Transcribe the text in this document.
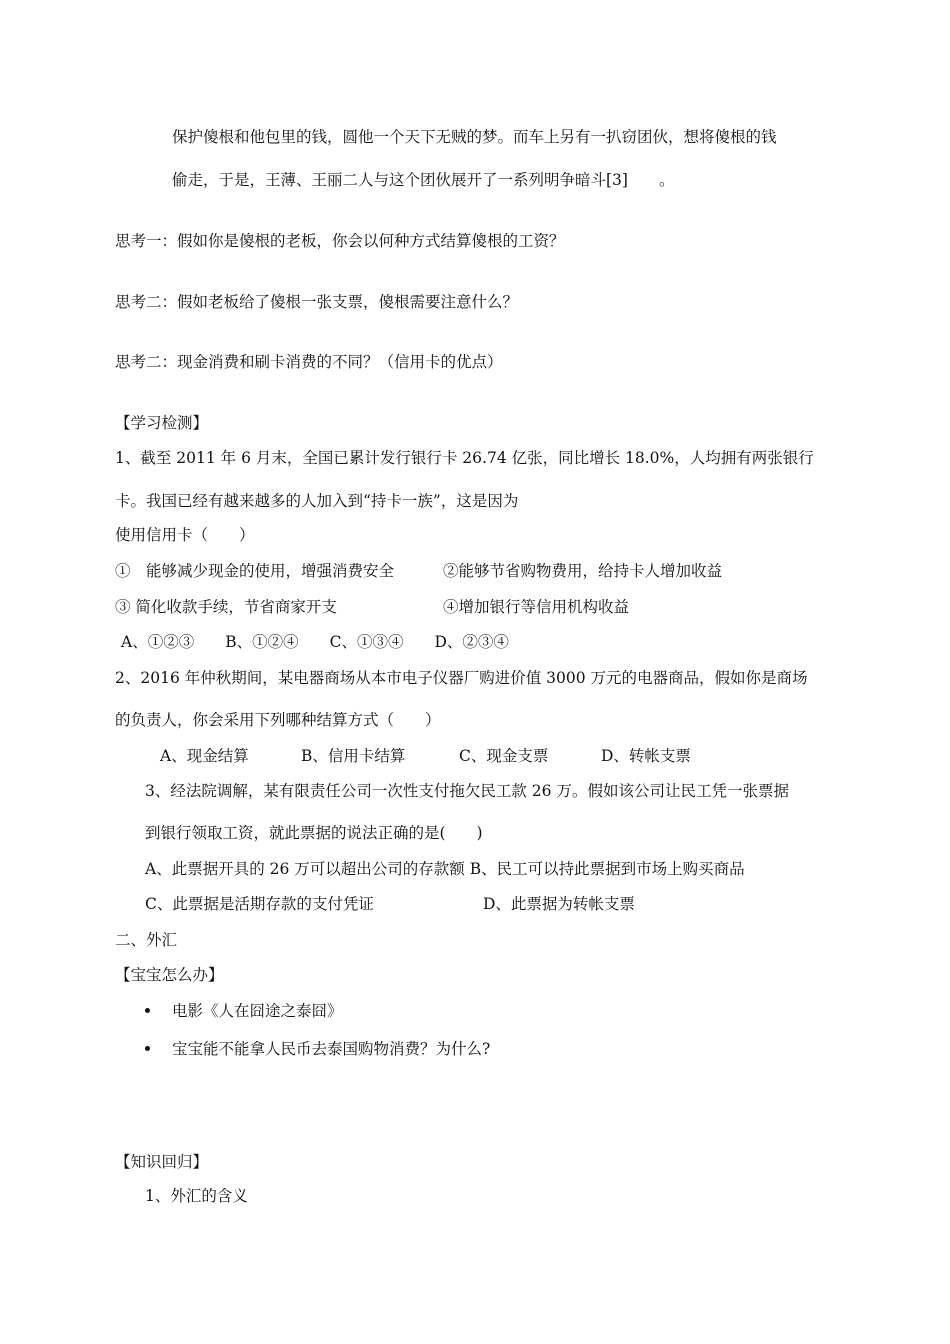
保护傻根和他包里的钱，圆他一个天下无贼的梦。而车上另有一扒窃团伙，想将傻根的钱
偷走，于是，王薄、王丽二人与这个团伙展开了一系列明争暗斗[3]　　。
思考一：假如你是傻根的老板，你会以何种方式结算傻根的工资？
思考二：假如老板给了傻根一张支票，傻根需要注意什么？
思考二：现金消费和刷卡消费的不同？（信用卡的优点）
【学习检测】
1、截至 2011 年 6 月末，全国已累计发行银行卡 26.74 亿张，同比增长 18.0%，人均拥有两张银行
卡。我国已经有越来越多的人加入到“持卡一族”，这是因为
使用信用卡（　　）
①　能够减少现金的使用，增强消费安全	②能够节省购物费用，给持卡人增加收益
③ 简化收款手续，节省商家开支	④增加银行等信用机构收益
A、①②③　　B、①②④　　C、①③④　　D、②③④
2、2016 年仲秋期间，某电器商场从本市电子仪器厂购进价值 3000 万元的电器商品，假如你是商场
的负责人，你会采用下列哪种结算方式（　　）
A、现金结算	B、信用卡结算	C、现金支票	D、转帐支票
3、经法院调解，某有限责任公司一次性支付拖欠民工款 26 万。假如该公司让民工凭一张票据
到银行领取工资，就此票据的说法正确的是(　　)
A、此票据开具的 26 万可以超出公司的存款额 B、民工可以持此票据到市场上购买商品
C、此票据是活期存款的支付凭证	D、此票据为转帐支票
二、外汇
【宝宝怎么办】
电影《人在囧途之泰囧》
宝宝能不能拿人民币去泰国购物消费？为什么?
【知识回归】
1、外汇的含义
